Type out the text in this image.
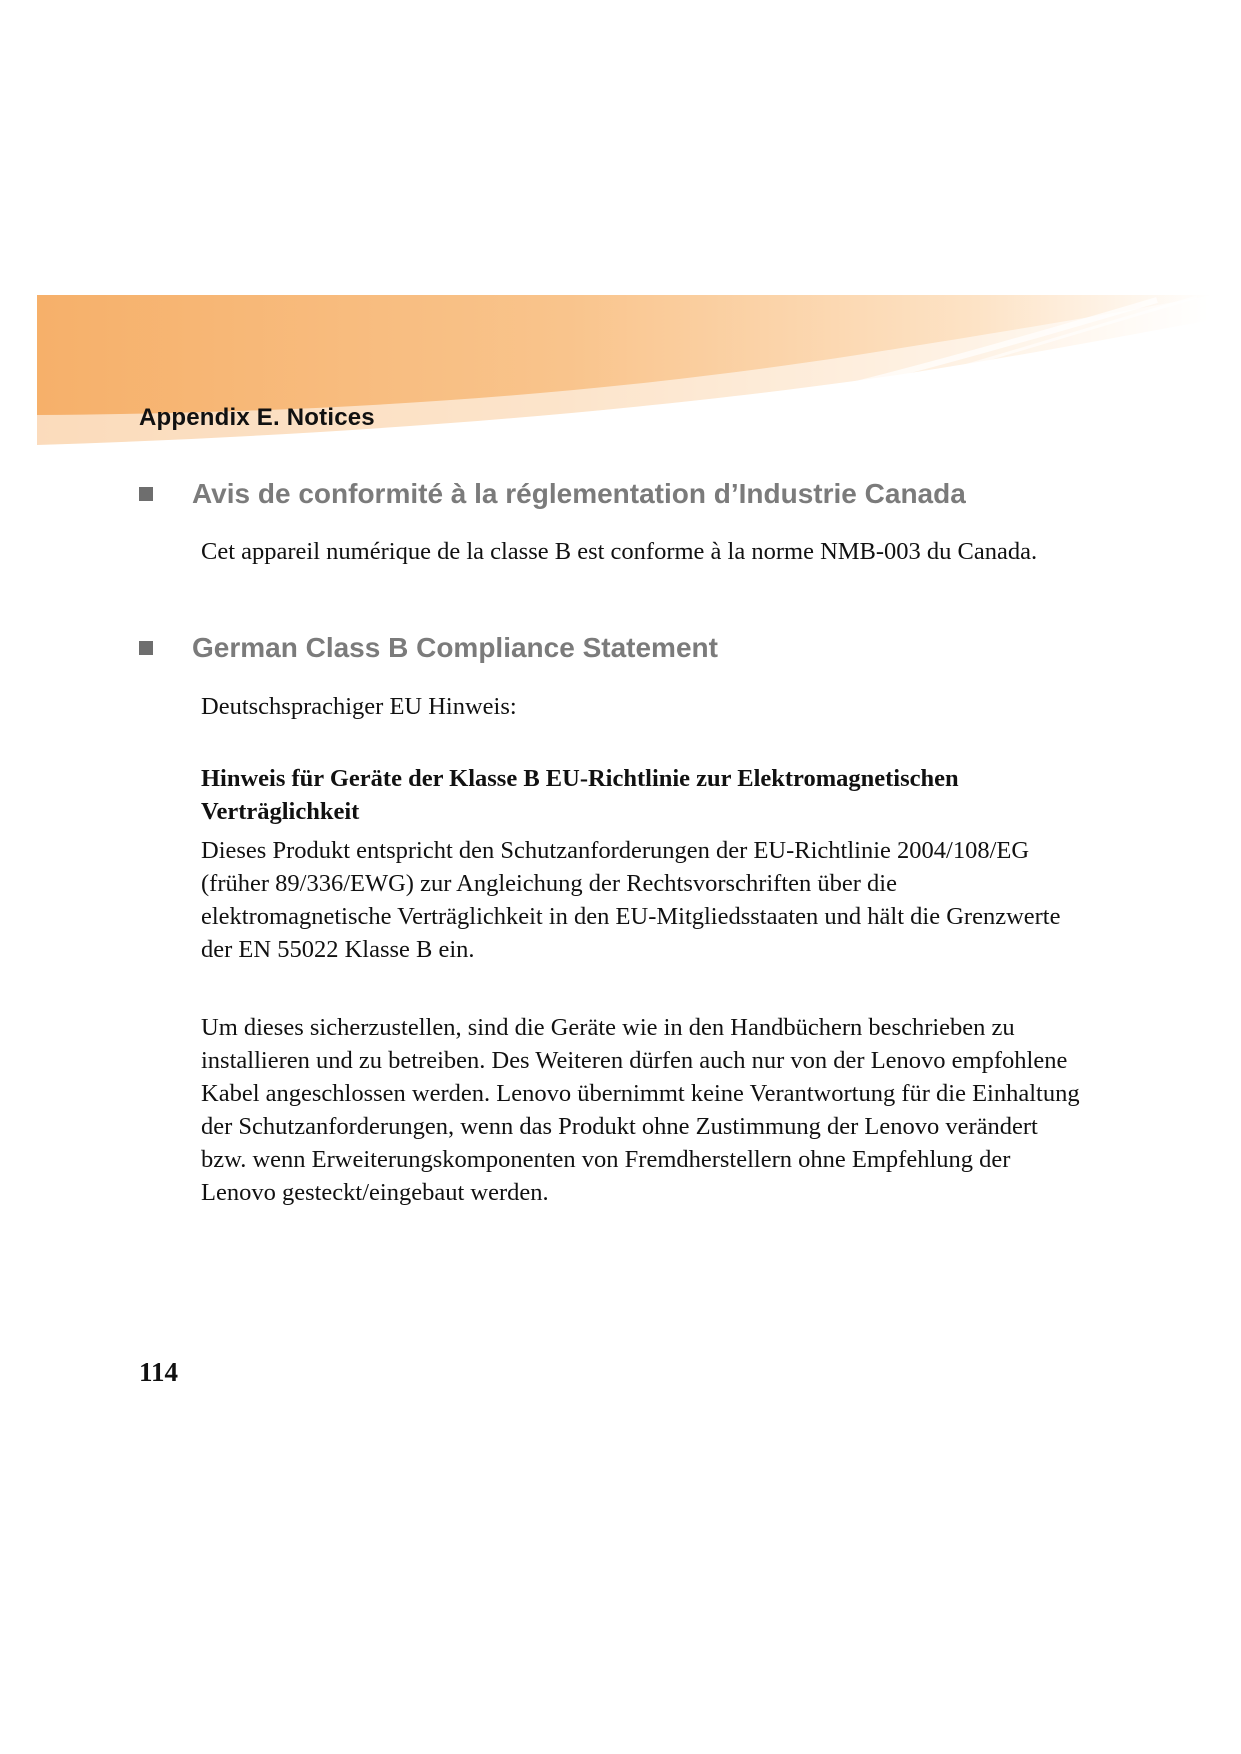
Appendix E. Notices
Avis de conformité à la réglementation d’Industrie Canada

Cet appareil numérique de la classe B est conforme à la norme NMB-003 du Canada.

German Class B Compliance Statement

Deutschsprachiger EU Hinweis:

Hinweis für Geräte der Klasse B EU-Richtlinie zur Elektromagnetischen Verträglichkeit

Dieses Produkt entspricht den Schutzanforderungen der EU-Richtlinie 2004/108/EG (früher 89/336/EWG) zur Angleichung der Rechtsvorschriften über die elektromagnetische Verträglichkeit in den EU-Mitgliedsstaaten und hält die Grenzwerte der EN 55022 Klasse B ein.

Um dieses sicherzustellen, sind die Geräte wie in den Handbüchern beschrieben zu installieren und zu betreiben. Des Weiteren dürfen auch nur von der Lenovo empfohlene Kabel angeschlossen werden. Lenovo übernimmt keine Verantwortung für die Einhaltung der Schutzanforderungen, wenn das Produkt ohne Zustimmung der Lenovo verändert bzw. wenn Erweiterungskomponenten von Fremdherstellern ohne Empfehlung der Lenovo gesteckt/eingebaut werden.

114
